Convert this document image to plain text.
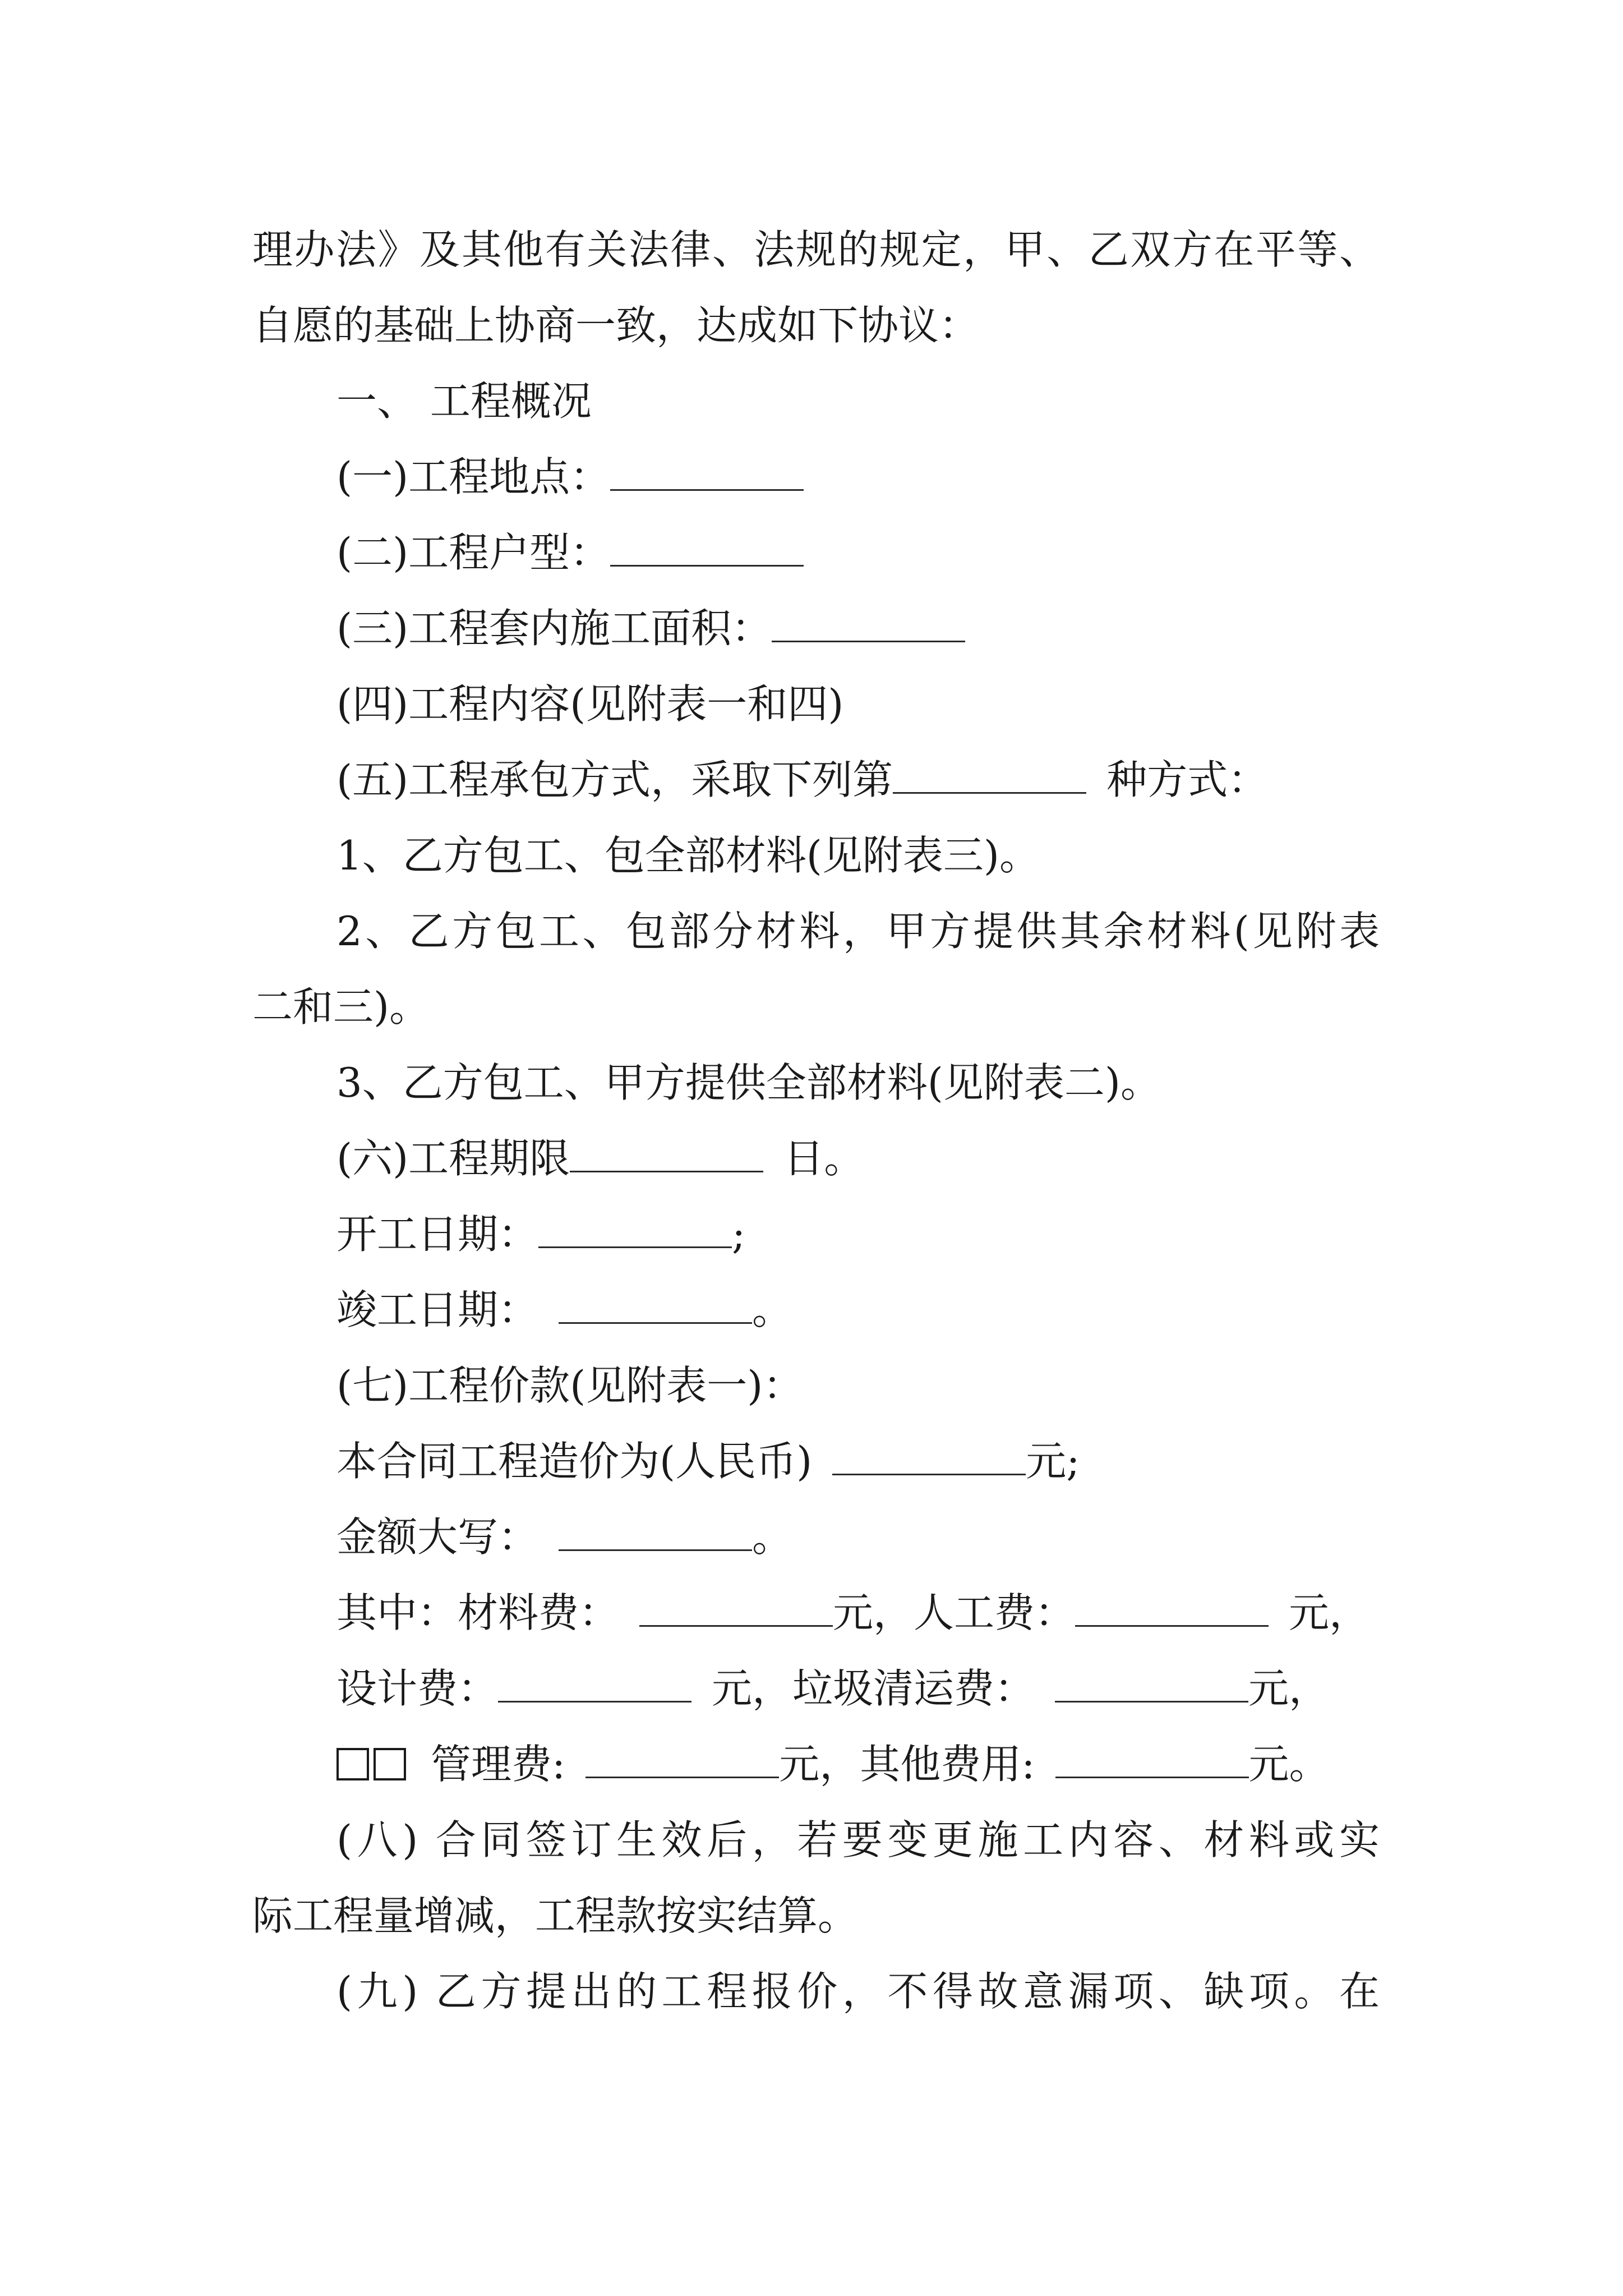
理办法》及其他有关法律、法规的规定，甲、乙双方在平等、
自愿的基础上协商一致，达成如下协议：
一、 工程概况
(一)工程地点：
(二)工程户型：
(三)工程套内施工面积：
(四)工程内容(见附表一和四)
(五)工程承包方式，采取下列第	种方式：
1、乙方包工、包全部材料(见附表三)。
2、乙方包工、包部分材料，甲方提供其余材料(见附表
二和三)。
3、乙方包工、甲方提供全部材料(见附表二)。
(六)工程期限	日。
开工日期：	;
竣工日期：	。
(七)工程价款(见附表一)：
本合同工程造价为(人民币)	元;
金额大写：	。
其中：材料费：	元，人工费：	元，
设计费：	元，垃圾清运费：	元，
管理费:	元，其他费用:	元。
(八) 合同签订生效后，若要变更施工内容、材料或实
际工程量增减，工程款按实结算。
(九) 乙方提出的工程报价，不得故意漏项、缺项。在
